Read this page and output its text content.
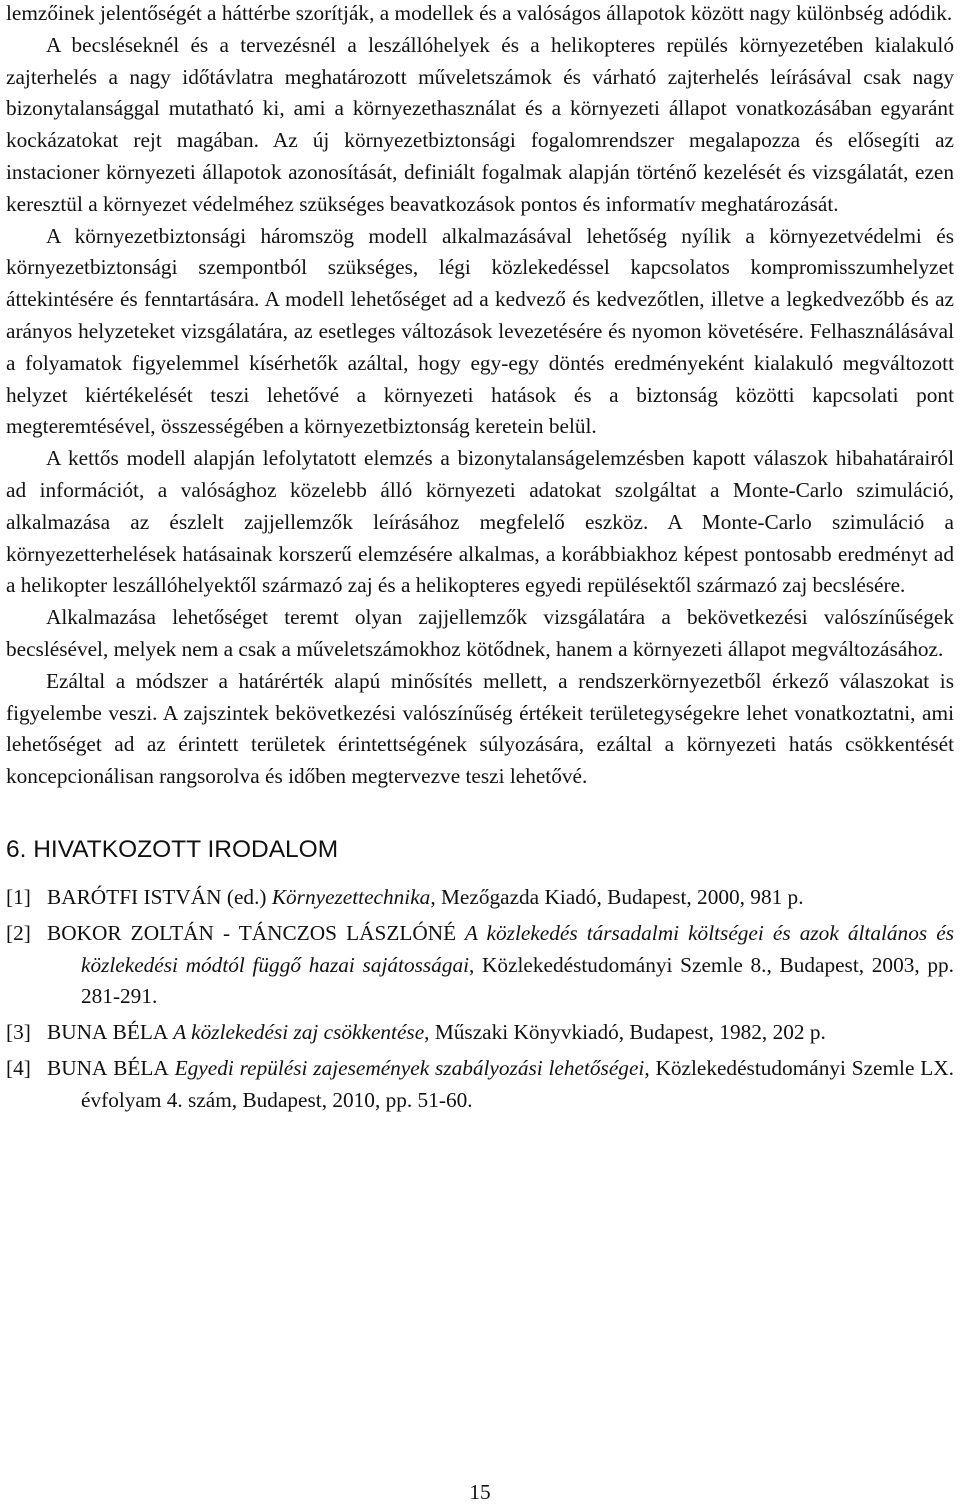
lemzőinek jelentőségét a háttérbe szorítják, a modellek és a valóságos állapotok között nagy különbség adódik.

A becsléseknél és a tervezésnél a leszállóhelyek és a helikopteres repülés környezetében kialakuló zajterhelés a nagy időtávlatra meghatározott műveletszámok és várható zajterhelés leírásával csak nagy bizonytalansággal mutatható ki, ami a környezethasználat és a környezeti állapot vonatkozásában egyaránt kockázatokat rejt magában. Az új környezetbiztonsági fogalomrendszer megalapozza és elősegíti az instacioner környezeti állapotok azonosítását, definiált fogalmak alapján történő kezelését és vizsgálatát, ezen keresztül a környezet védelméhez szükséges beavatkozások pontos és informatív meghatározását.

A környezetbiztonsági háromszög modell alkalmazásával lehetőség nyílik a környezetvédelmi és környezetbiztonsági szempontból szükséges, légi közlekedéssel kapcsolatos kompromisszumhelyzet áttekintésére és fenntartására. A modell lehetőséget ad a kedvező és kedvezőtlen, illetve a legkedvezőbb és az arányos helyzeteket vizsgálatára, az esetleges változások levezetésére és nyomon követésére. Felhasználásával a folyamatok figyelemmel kísérhetők azáltal, hogy egy-egy döntés eredményeként kialakuló megváltozott helyzet kiértékelését teszi lehetővé a környezeti hatások és a biztonság közötti kapcsolati pont megteremtésével, összességében a környezetbiztonság keretein belül.

A kettős modell alapján lefolytatott elemzés a bizonytalanságelemzésben kapott válaszok hibahatárairól ad információt, a valósághoz közelebb álló környezeti adatokat szolgáltat a Monte-Carlo szimuláció, alkalmazása az észlelt zajjellemzők leírásához megfelelő eszköz. A Monte-Carlo szimuláció a környezetterhelések hatásainak korszerű elemzésére alkalmas, a korábbiakhoz képest pontosabb eredményt ad a helikopter leszállóhelyektől származó zaj és a helikopteres egyedi repülésektől származó zaj becslésére.

Alkalmazása lehetőséget teremt olyan zajjellemzők vizsgálatára a bekövetkezési valószínűségek becslésével, melyek nem a csak a műveletszámokhoz kötődnek, hanem a környezeti állapot megváltozásához.

Ezáltal a módszer a határérték alapú minősítés mellett, a rendszerkörnyezetből érkező válaszokat is figyelembe veszi. A zajszintek bekövetkezési valószínűség értékeit területegységekre lehet vonatkoztatni, ami lehetőséget ad az érintett területek érintettségének súlyozására, ezáltal a környezeti hatás csökkentését koncepcionálisan rangsorolva és időben megtervezve teszi lehetővé.

6. HIVATKOZOTT IRODALOM
[1] BARÓTFI ISTVÁN (ed.) Környezettechnika, Mezőgazda Kiadó, Budapest, 2000, 981 p.
[2] BOKOR ZOLTÁN - TÁNCZOS LÁSZLÓNÉ A közlekedés társadalmi költségei és azok általános és közlekedési módtól függő hazai sajátosságai, Közlekedéstudományi Szemle 8., Budapest, 2003, pp. 281-291.
[3] BUNA BÉLA A közlekedési zaj csökkentése, Műszaki Könyvkiadó, Budapest, 1982, 202 p.
[4] BUNA BÉLA Egyedi repülési zajesemények szabályozási lehetőségei, Közlekedéstudományi Szemle LX. évfolyam 4. szám, Budapest, 2010, pp. 51-60.
15
